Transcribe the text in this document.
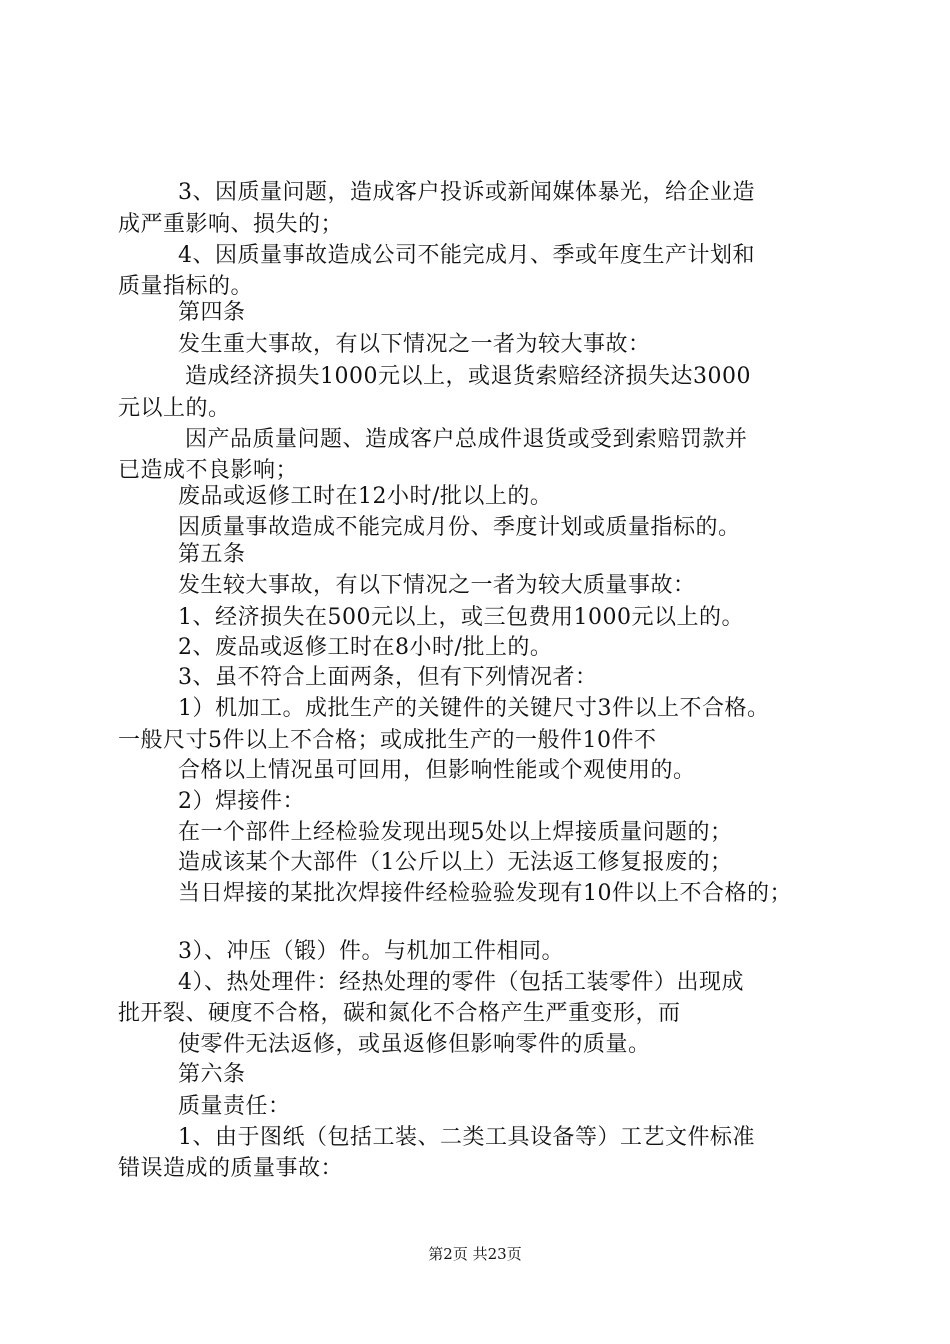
3、因质量问题，造成客户投诉或新闻媒体暴光，给企业造
成严重影响、损失的；
4、因质量事故造成公司不能完成月、季或年度生产计划和
质量指标的。
第四条
发生重大事故，有以下情况之一者为较大事故：
造成经济损失1000元以上，或退货索赔经济损失达3000
元以上的。
因产品质量问题、造成客户总成件退货或受到索赔罚款并
已造成不良影响；
废品或返修工时在12小时/批以上的。
因质量事故造成不能完成月份、季度计划或质量指标的。
第五条
发生较大事故，有以下情况之一者为较大质量事故：
1、经济损失在500元以上，或三包费用1000元以上的。
2、废品或返修工时在8小时/批上的。
3、虽不符合上面两条，但有下列情况者：
1）机加工。成批生产的关键件的关键尺寸3件以上不合格。
一般尺寸5件以上不合格；或成批生产的一般件10件不
合格以上情况虽可回用，但影响性能或个观使用的。
2）焊接件：
在一个部件上经检验发现出现5处以上焊接质量问题的；
造成该某个大部件（1公斤以上）无法返工修复报废的；
当日焊接的某批次焊接件经检验验发现有10件以上不合格的；
3）、冲压（锻）件。与机加工件相同。
4）、热处理件：经热处理的零件（包括工装零件）出现成
批开裂、硬度不合格，碳和氮化不合格产生严重变形，而
使零件无法返修，或虽返修但影响零件的质量。
第六条
质量责任：
1、由于图纸（包括工装、二类工具设备等）工艺文件标准
错误造成的质量事故：
第2页 共23页
